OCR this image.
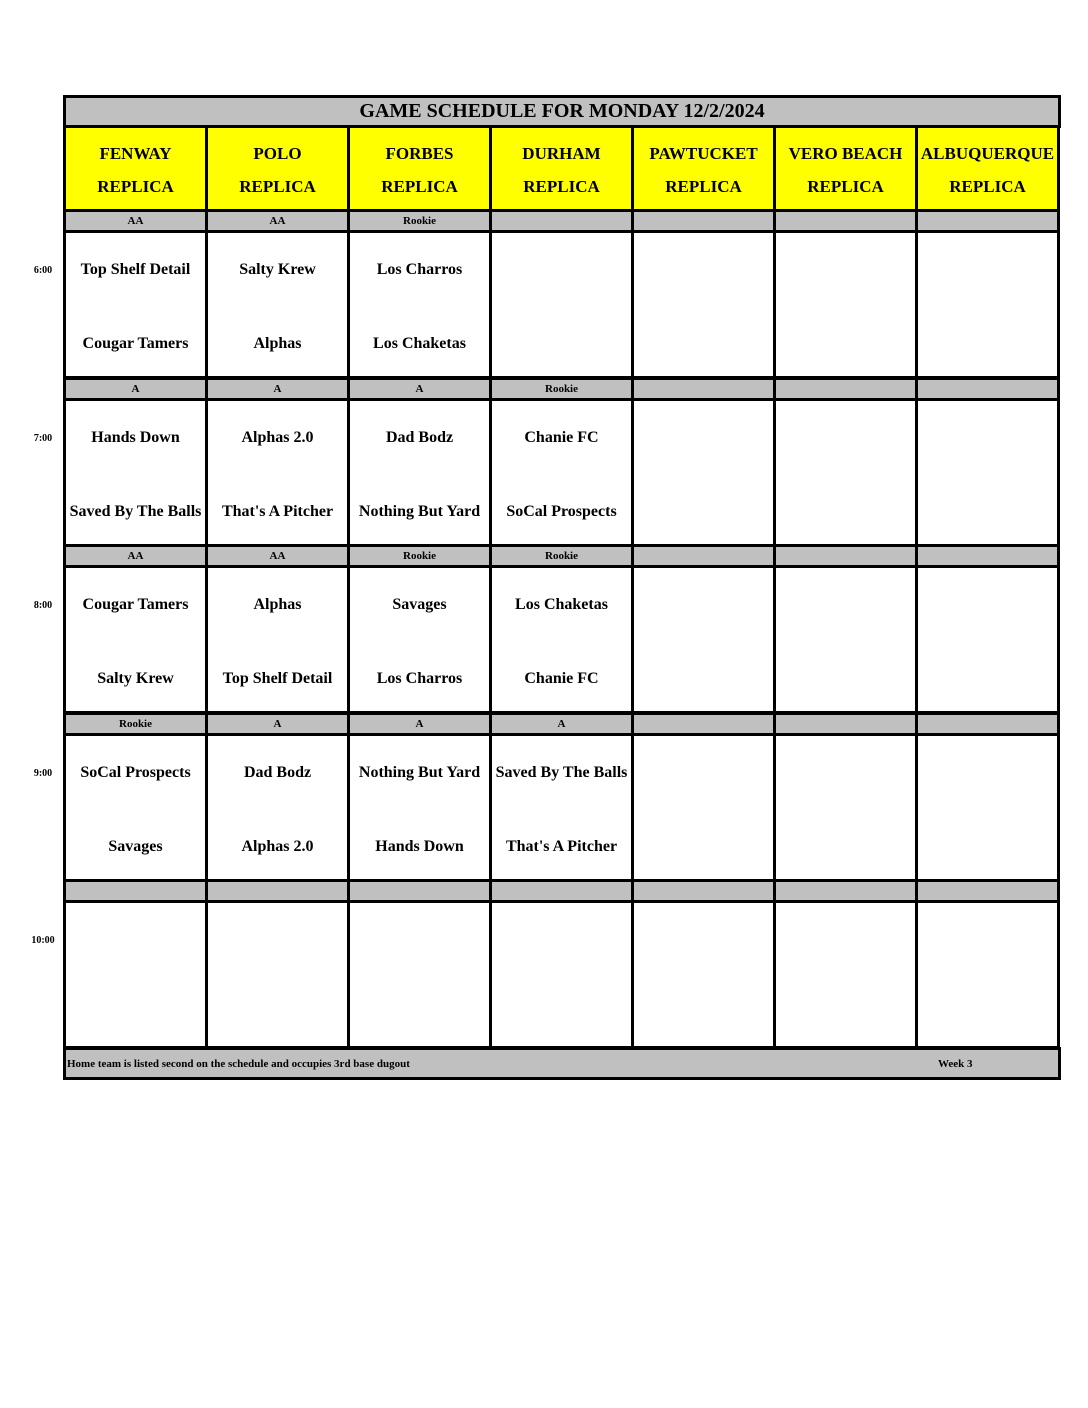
GAME SCHEDULE FOR MONDAY 12/2/2024
FENWAY
REPLICA
POLO
REPLICA
FORBES
REPLICA
DURHAM
REPLICA
PAWTUCKET
REPLICA
VERO BEACH
REPLICA
ALBUQUERQUE
REPLICA
AA
Top Shelf Detail
Cougar Tamers
AA
Salty Krew
Alphas
Rookie
Los Charros
Los Chaketas
A
Hands Down
Saved By The Balls
A
Alphas 2.0
That's A Pitcher
A
Dad Bodz
Nothing But Yard
Rookie
Chanie FC
SoCal Prospects
AA
Cougar Tamers
Salty Krew
AA
Alphas
Top Shelf Detail
Rookie
Savages
Los Charros
Rookie
Los Chaketas
Chanie FC
Rookie
SoCal Prospects
Savages
A
Dad Bodz
Alphas 2.0
A
Nothing But Yard
Hands Down
A
Saved By The Balls
That's A Pitcher
Home team is listed second on the schedule and occupies 3rd base dugout	Week 3
6:00
7:00
8:00
9:00
10:00
